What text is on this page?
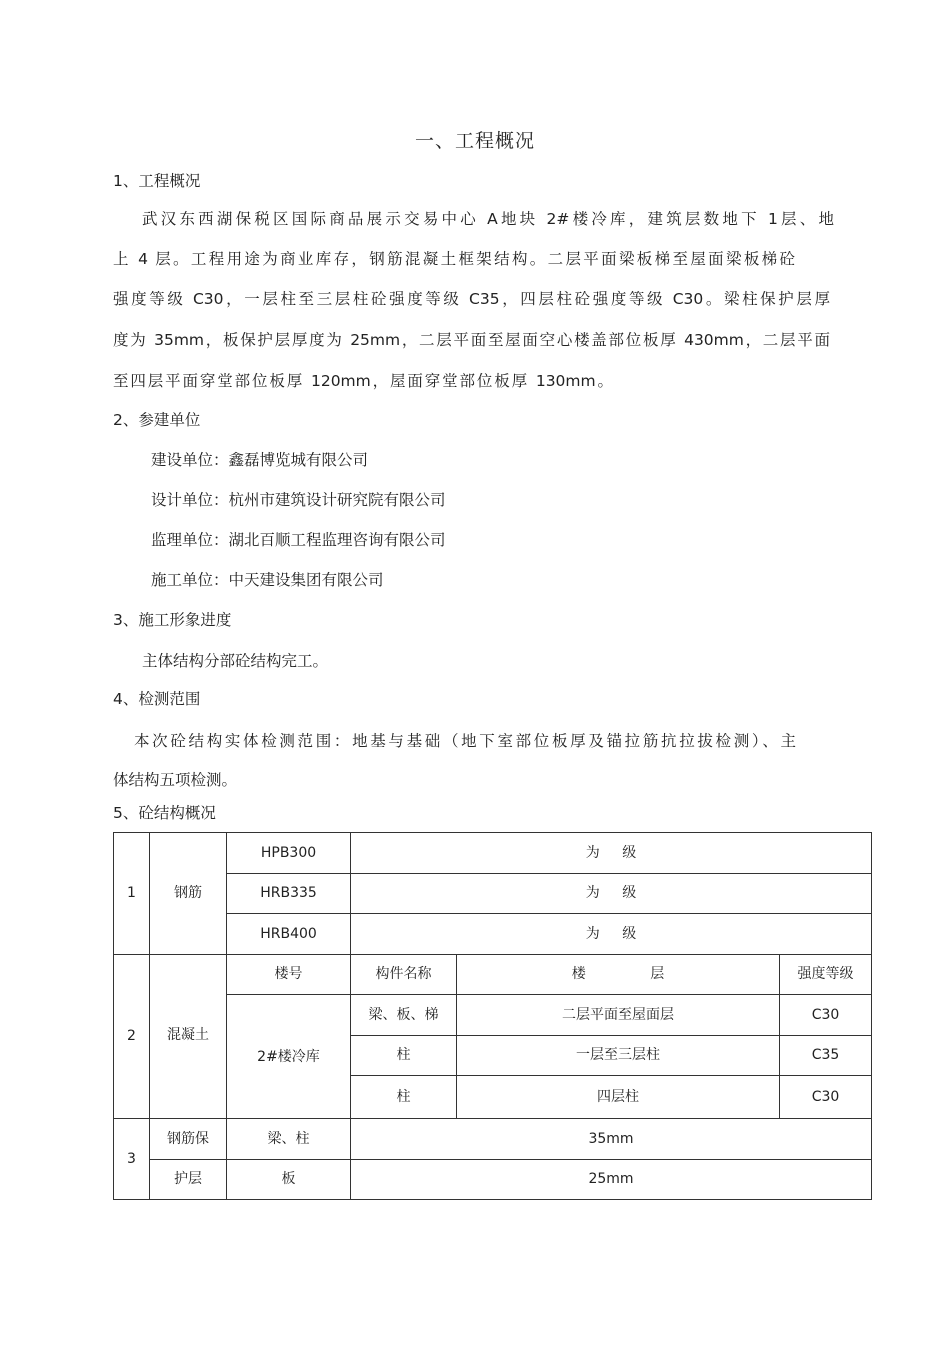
一、工程概况
1、工程概况
武汉东西湖保税区国际商品展示交易中心 A地块 2#楼冷库，建筑层数地下 1层、地
上 4 层。工程用途为商业库存，钢筋混凝土框架结构。二层平面梁板梯至屋面梁板梯砼
强度等级 C30，一层柱至三层柱砼强度等级 C35，四层柱砼强度等级 C30。梁柱保护层厚
度为 35mm，板保护层厚度为 25mm，二层平面至屋面空心楼盖部位板厚 430mm，二层平面
至四层平面穿堂部位板厚 120mm，屋面穿堂部位板厚 130mm。
2、参建单位
建设单位：鑫磊博览城有限公司
设计单位：杭州市建筑设计研究院有限公司
监理单位：湖北百顺工程监理咨询有限公司
施工单位：中天建设集团有限公司
3、施工形象进度
主体结构分部砼结构完工。
4、检测范围
本次砼结构实体检测范围：地基与基础（地下室部位板厚及锚拉筋抗拉拔检测）、主
体结构五项检测。
5、砼结构概况
1	钢筋	HPB300	为 级		
		HRB335	为 级		
		HRB400	为 级		
2	混凝土	楼号	构件名称	楼 层	强度等级
		2#楼冷库	梁、板、梯	二层平面至屋面层	C30
			柱	一层至三层柱	C35
			柱	四层柱	C30
3	钢筋保	梁、柱	35mm		
	护层	板	25mm		
